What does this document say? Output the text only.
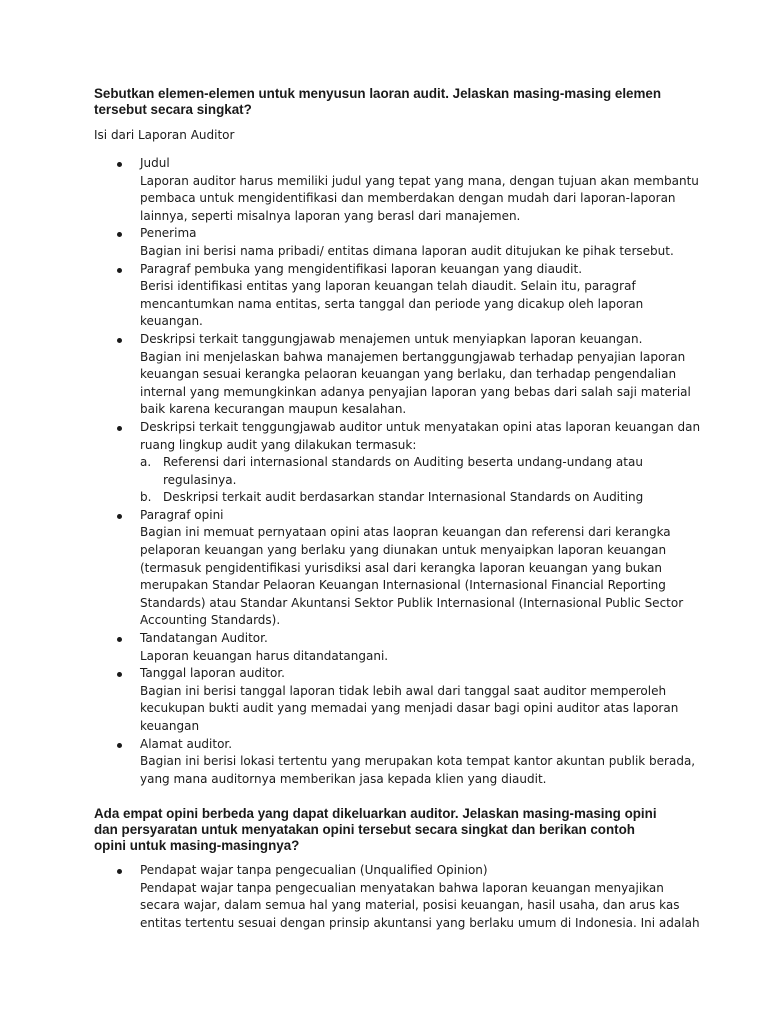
Sebutkan elemen-elemen untuk menyusun laoran audit. Jelaskan masing-masing elemen
tersebut secara singkat?

Isi dari Laporan Auditor

Judul
Laporan auditor harus memiliki judul yang tepat yang mana, dengan tujuan akan membantu
pembaca untuk mengidentifikasi dan memberdakan dengan mudah dari laporan-laporan
lainnya, seperti misalnya laporan yang berasl dari manajemen.
Penerima
Bagian ini berisi nama pribadi/ entitas dimana laporan audit ditujukan ke pihak tersebut.
Paragraf pembuka yang mengidentifikasi laporan keuangan yang diaudit.
Berisi identifikasi entitas yang laporan keuangan telah diaudit. Selain itu, paragraf
mencantumkan nama entitas, serta tanggal dan periode yang dicakup oleh laporan
keuangan.
Deskripsi terkait tanggungjawab menajemen untuk menyiapkan laporan keuangan.
Bagian ini menjelaskan bahwa manajemen bertanggungjawab terhadap penyajian laporan
keuangan sesuai kerangka pelaoran keuangan yang berlaku, dan terhadap pengendalian
internal yang memungkinkan adanya penyajian laporan yang bebas dari salah saji material
baik karena kecurangan maupun kesalahan.
Deskripsi terkait tenggungjawab auditor untuk menyatakan opini atas laporan keuangan dan
ruang lingkup audit yang dilakukan termasuk:
a. Referensi dari internasional standards on Auditing beserta undang-undang atau
regulasinya.
b. Deskripsi terkait audit berdasarkan standar Internasional Standards on Auditing
Paragraf opini
Bagian ini memuat pernyataan opini atas laopran keuangan dan referensi dari kerangka
pelaporan keuangan yang berlaku yang diunakan untuk menyaipkan laporan keuangan
(termasuk pengidentifikasi yurisdiksi asal dari kerangka laporan keuangan yang bukan
merupakan Standar Pelaoran Keuangan Internasional (Internasional Financial Reporting
Standards) atau Standar Akuntansi Sektor Publik Internasional (Internasional Public Sector
Accounting Standards).
Tandatangan Auditor.
Laporan keuangan harus ditandatangani.
Tanggal laporan auditor.
Bagian ini berisi tanggal laporan tidak lebih awal dari tanggal saat auditor memperoleh
kecukupan bukti audit yang memadai yang menjadi dasar bagi opini auditor atas laporan
keuangan
Alamat auditor.
Bagian ini berisi lokasi tertentu yang merupakan kota tempat kantor akuntan publik berada,
yang mana auditornya memberikan jasa kepada klien yang diaudit.
Ada empat opini berbeda yang dapat dikeluarkan auditor. Jelaskan masing-masing opini
dan persyaratan untuk menyatakan opini tersebut secara singkat dan berikan contoh
opini untuk masing-masingnya?
Pendapat wajar tanpa pengecualian (Unqualified Opinion)
Pendapat wajar tanpa pengecualian menyatakan bahwa laporan keuangan menyajikan
secara wajar, dalam semua hal yang material, posisi keuangan, hasil usaha, dan arus kas
entitas tertentu sesuai dengan prinsip akuntansi yang berlaku umum di Indonesia. Ini adalah
